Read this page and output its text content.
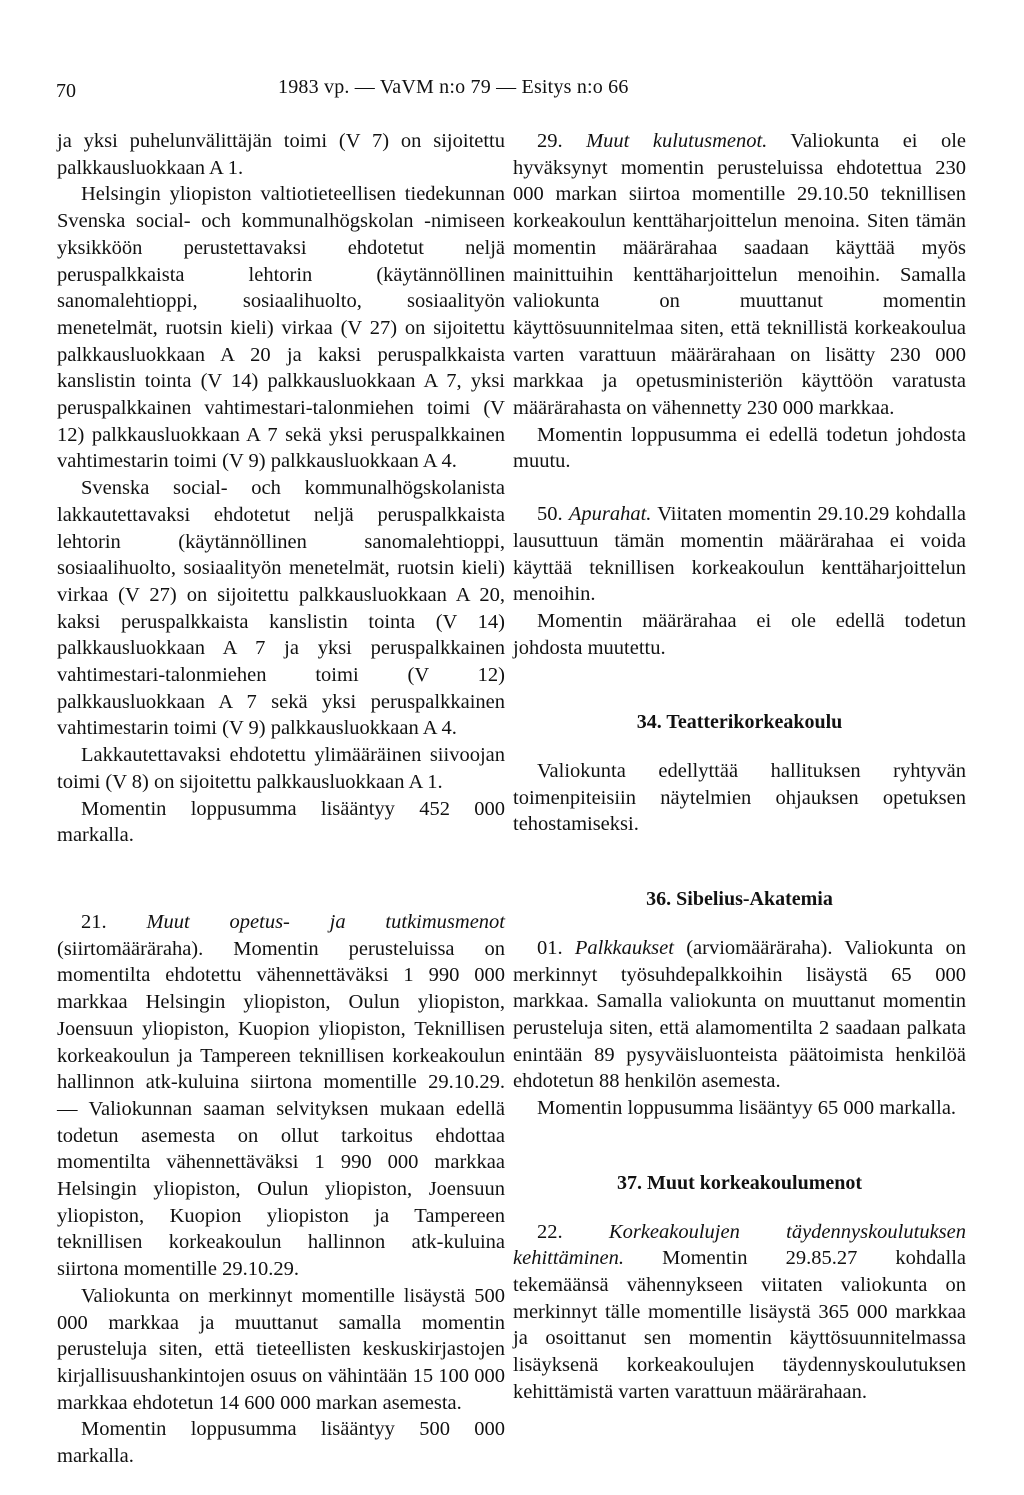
70	1983 vp. — VaVM n:o 79 — Esitys n:o 66

ja yksi puhelunvälittäjän toimi (V 7) on sijoitettu palkkausluokkaan A 1.

Helsingin yliopiston valtiotieteellisen tiedekunnan Svenska social- och kommunalhögskolan -nimiseen yksikköön perustettavaksi ehdotetut neljä peruspalkkaista lehtorin (käytännöllinen sanomalehtioppi, sosiaalihuolto, sosiaalityön menetelmät, ruotsin kieli) virkaa (V 27) on sijoitettu palkkausluokkaan A 20 ja kaksi peruspalkkaista kanslistin tointa (V 14) palkkausluokkaan A 7, yksi peruspalkkainen vahtimestari-talonmiehen toimi (V 12) palkkausluokkaan A 7 sekä yksi peruspalkkainen vahtimestarin toimi (V 9) palkkausluokkaan A 4.

Svenska social- och kommunalhögskolanista lakkautettavaksi ehdotetut neljä peruspalkkaista lehtorin (käytännöllinen sanomalehtioppi, sosiaalihuolto, sosiaalityön menetelmät, ruotsin kieli) virkaa (V 27) on sijoitettu palkkausluokkaan A 20, kaksi peruspalkkaista kanslistin tointa (V 14) palkkausluokkaan A 7 ja yksi peruspalkkainen vahtimestari-talonmiehen toimi (V 12) palkkausluokkaan A 7 sekä yksi peruspalkkainen vahtimestarin toimi (V 9) palkkausluokkaan A 4.

Lakkautettavaksi ehdotettu ylimääräinen siivoojan toimi (V 8) on sijoitettu palkkausluokkaan A 1.

Momentin loppusumma lisääntyy 452 000 markalla.

21. Muut opetus- ja tutkimusmenot (siirtomääräraha). Momentin perusteluissa on momentilta ehdotettu vähennettäväksi 1 990 000 markkaa Helsingin yliopiston, Oulun yliopiston, Joensuun yliopiston, Kuopion yliopiston, Teknillisen korkeakoulun ja Tampereen teknillisen korkeakoulun hallinnon atk-kuluina siirtona momentille 29.10.29. — Valiokunnan saaman selvityksen mukaan edellä todetun asemesta on ollut tarkoitus ehdottaa momentilta vähennettäväksi 1 990 000 markkaa Helsingin yliopiston, Oulun yliopiston, Joensuun yliopiston, Kuopion yliopiston ja Tampereen teknillisen korkeakoulun hallinnon atk-kuluina siirtona momentille 29.10.29.

Valiokunta on merkinnyt momentille lisäystä 500 000 markkaa ja muuttanut samalla momentin perusteluja siten, että tieteellisten keskuskirjastojen kirjallisuushankintojen osuus on vähintään 15 100 000 markkaa ehdotetun 14 600 000 markan asemesta.

Momentin loppusumma lisääntyy 500 000 markalla.

29. Muut kulutusmenot. Valiokunta ei ole hyväksynyt momentin perusteluissa ehdotettua 230 000 markan siirtoa momentille 29.10.50 teknillisen korkeakoulun kenttäharjoittelun menoina. Siten tämän momentin määrärahaa saadaan käyttää myös mainittuihin kenttäharjoittelun menoihin. Samalla valiokunta on muuttanut momentin käyttösuunnitelmaa siten, että teknillistä korkeakoulua varten varattuun määrärahaan on lisätty 230 000 markkaa ja opetusministeriön käyttöön varatusta määrärahasta on vähennetty 230 000 markkaa.

Momentin loppusumma ei edellä todetun johdosta muutu.

50. Apurahat. Viitaten momentin 29.10.29 kohdalla lausuttuun tämän momentin määrärahaa ei voida käyttää teknillisen korkeakoulun kenttäharjoittelun menoihin.

Momentin määrärahaa ei ole edellä todetun johdosta muutettu.

34. Teatterikorkeakoulu

Valiokunta edellyttää hallituksen ryhtyvän toimenpiteisiin näytelmien ohjauksen opetuksen tehostamiseksi.

36. Sibelius-Akatemia

01. Palkkaukset (arviomääräraha). Valiokunta on merkinnyt työsuhdepalkkoihin lisäystä 65 000 markkaa. Samalla valiokunta on muuttanut momentin perusteluja siten, että alamomentilta 2 saadaan palkata enintään 89 pysyväisluonteista päätoimista henkilöä ehdotetun 88 henkilön asemesta.

Momentin loppusumma lisääntyy 65 000 markalla.

37. Muut korkeakoulumenot

22. Korkeakoulujen täydennyskoulutuksen kehittäminen. Momentin 29.85.27 kohdalla tekemäänsä vähennykseen viitaten valiokunta on merkinnyt tälle momentille lisäystä 365 000 markkaa ja osoittanut sen momentin käyttösuunnitelmassa lisäyksenä korkeakoulujen täydennyskoulutuksen kehittämistä varten varattuun määrärahaan.
